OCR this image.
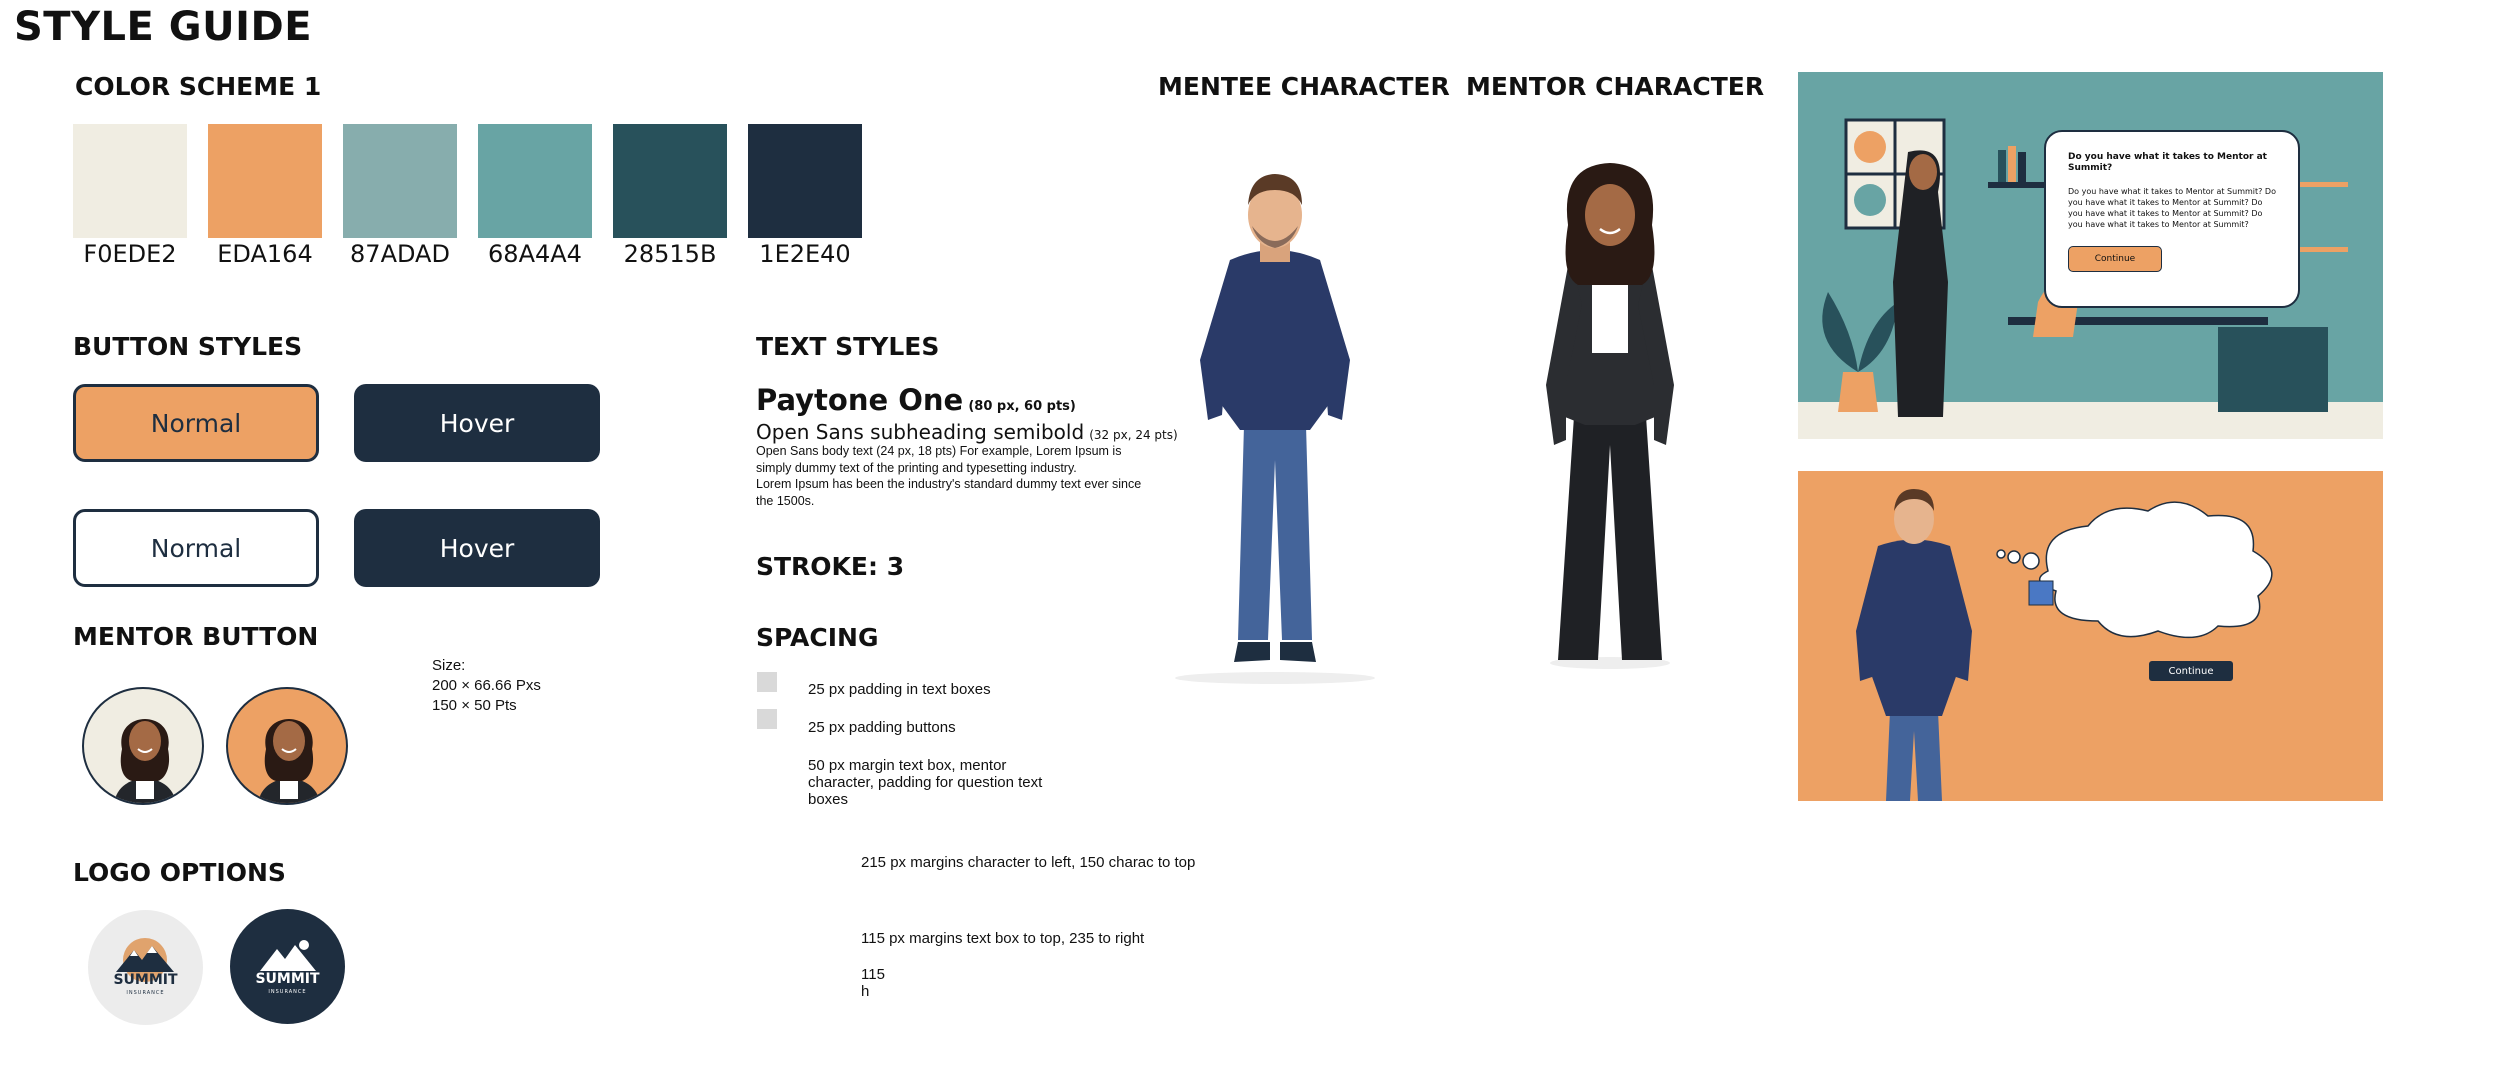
STYLE GUIDE
COLOR SCHEME 1
F0EDE2	EDA164	87ADAD	68A4A4	28515B	1E2E40
BUTTON STYLES
Normal	Hover
Normal	Hover
MENTOR BUTTON
Size:
200 × 66.66 Pxs
150 × 50 Pts
LOGO OPTIONS
SUMMIT
INSURANCE
SUMMIT
INSURANCE
TEXT STYLES
Paytone One (80 px, 60 pts)
Open Sans subheading semibold (32 px, 24 pts)
Open Sans body text (24 px, 18 pts) For example, Lorem Ipsum is
simply dummy text of the printing and typesetting industry.
Lorem Ipsum has been the industry's standard dummy text ever since
the 1500s.
STROKE: 3
SPACING
25 px padding in text boxes
25 px padding buttons
50 px margin text box, mentor
character, padding for question text
boxes
215 px margins character to left, 150 charac to top
115 px margins text box to top, 235 to right
115
h
MENTEE CHARACTER MENTOR CHARACTER
Do you have what it takes to Mentor at Summit?
Do you have what it takes to Mentor at Summit? Do you have what it takes to Mentor at Summit? Do you have what it takes to Mentor at Summit? Do you have what it takes to Mentor at Summit?
Continue
Continue
